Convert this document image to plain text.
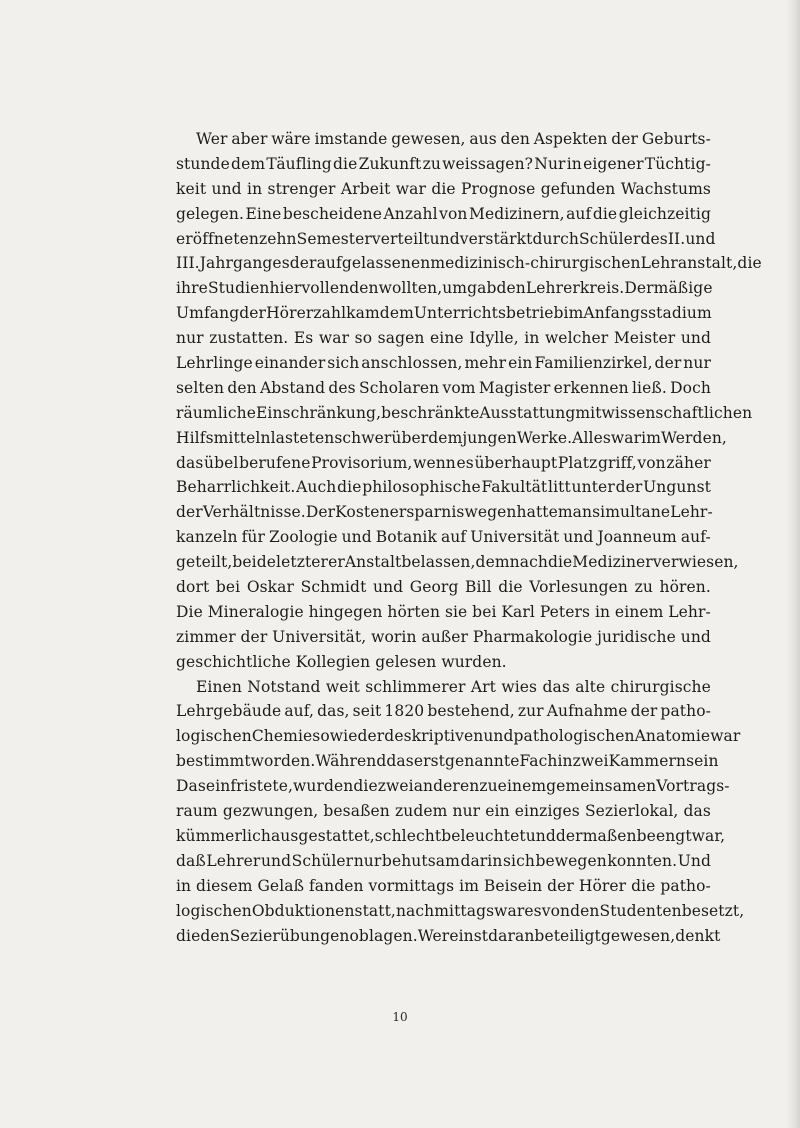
Wer aber wäre imstande gewesen, aus den Aspekten der Geburts-
stunde dem Täufling die Zukunft zu weissagen? Nur in eigener Tüchtig-
keit und in strenger Arbeit war die Prognose gefunden Wachstums
gelegen. Eine bescheidene Anzahl von Medizinern, auf die gleichzeitig
eröffneten zehn Semester verteilt und verstärkt durch Schüler des II. und
III. Jahrganges der aufgelassenen medizinisch-chirurgischen Lehranstalt, die
ihre Studien hier vollenden wollten, umgab den Lehrerkreis. Der mäßige
Umfang der Hörerzahl kam dem Unterrichtsbetrieb im Anfangsstadium
nur zustatten. Es war so sagen eine Idylle, in welcher Meister und
Lehrlinge einander sich anschlossen, mehr ein Familienzirkel, der nur
selten den Abstand des Scholaren vom Magister erkennen ließ. Doch
räumliche Einschränkung, beschränkte Ausstattung mit wissenschaftlichen
Hilfsmitteln lasteten schwer über dem jungen Werke. Alles war im Werden,
das übel berufene Provisorium, wenn es überhaupt Platz griff, von zäher
Beharrlichkeit. Auch die philosophische Fakultät litt unter der Ungunst
der Verhältnisse. Der Kostenersparnis wegen hatte man simultane Lehr-
kanzeln für Zoologie und Botanik auf Universität und Joanneum auf-
geteilt, beide letzterer Anstalt belassen, demnach die Mediziner verwiesen,
dort bei Oskar Schmidt und Georg Bill die Vorlesungen zu hören.
Die Mineralogie hingegen hörten sie bei Karl Peters in einem Lehr-
zimmer der Universität, worin außer Pharmakologie juridische und
geschichtliche Kollegien gelesen wurden.
Einen Notstand weit schlimmerer Art wies das alte chirurgische
Lehrgebäude auf, das, seit 1820 bestehend, zur Aufnahme der patho-
logischen Chemie sowie der deskriptiven und pathologischen Anatomie war
bestimmt worden. Während das erstgenannte Fach in zwei Kammern sein
Dasein fristete, wurden die zwei anderen zu einem gemeinsamen Vortrags-
raum gezwungen, besaßen zudem nur ein einziges Sezierlokal, das
kümmerlich ausgestattet, schlecht beleuchtet und dermaßen beengt war,
daß Lehrer und Schüler nur behutsam darin sich bewegen konnten. Und
in diesem Gelaß fanden vormittags im Beisein der Hörer die patho-
logischen Obduktionen statt, nachmittags war es von den Studenten besetzt,
die den Sezierübungen oblagen. Wer einst daran beteiligt gewesen, denkt
10
